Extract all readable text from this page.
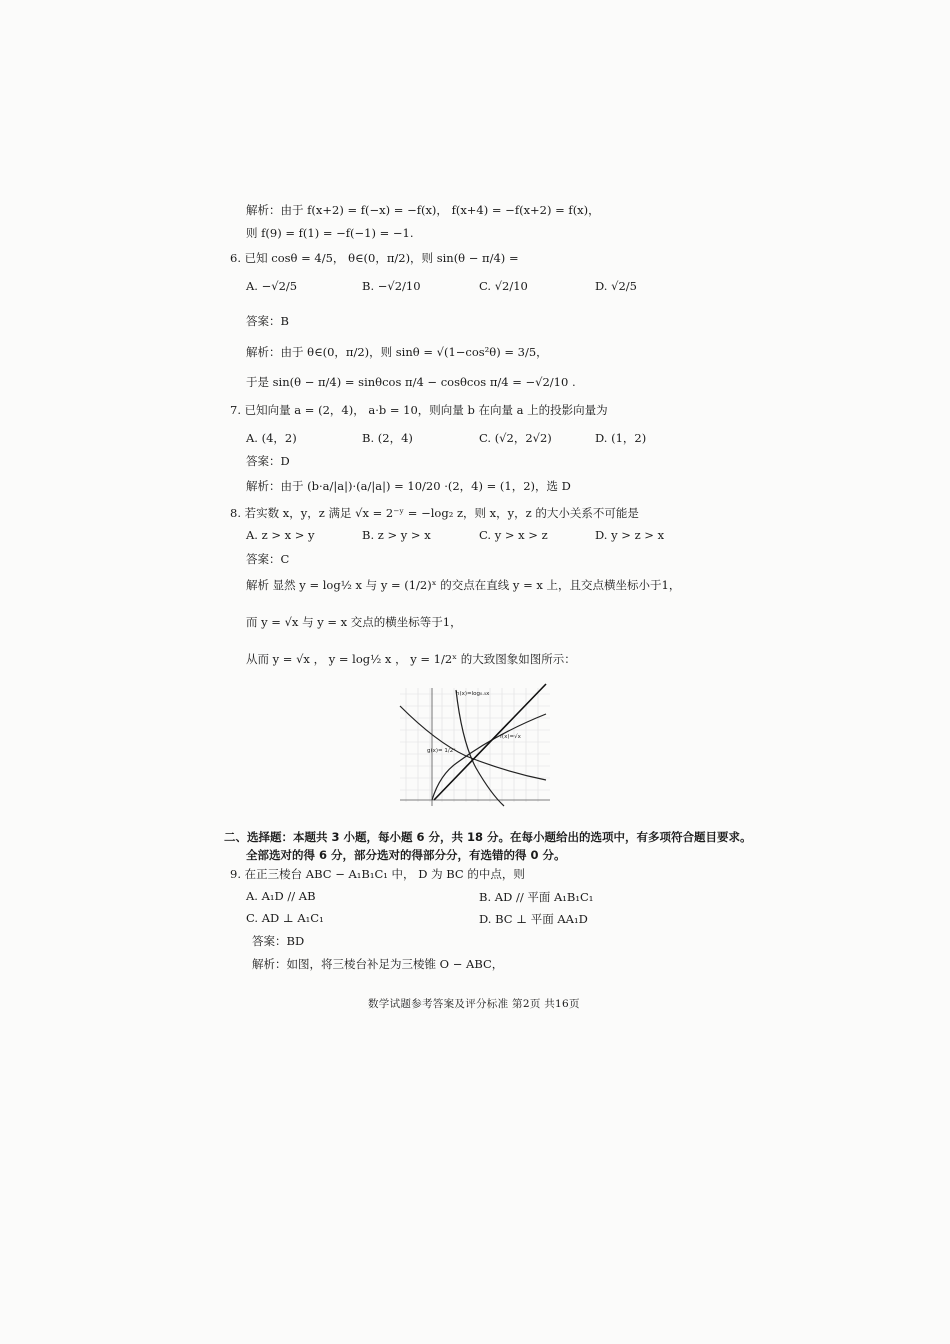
解析：由于 f(x+2) = f(−x) = −f(x)， f(x+4) = −f(x+2) = f(x)，
则 f(9) = f(1) = −f(−1) = −1.
6. 已知 cosθ = 4/5， θ∈(0，π/2)，则 sin(θ − π/4) =
A. −√2/5	B. −√2/10	C. √2/10	D. √2/5
答案：B
解析：由于 θ∈(0，π/2)，则 sinθ = √(1−cos²θ) = 3/5，
于是 sin(θ − π/4) = sinθcos π/4 − cosθcos π/4 = −√2/10 .
7. 已知向量 a = (2，4)， a·b = 10，则向量 b 在向量 a 上的投影向量为
A. (4，2)	B. (2，4)	C. (√2，2√2)	D. (1，2)
答案：D
解析：由于 (b·a/|a|)·(a/|a|) = 10/20 ·(2，4) = (1，2)，选 D
8. 若实数 x，y，z 满足 √x = 2⁻ʸ = −log₂ z，则 x，y，z 的大小关系不可能是
A. z > x > y	B. z > y > x	C. y > x > z	D. y > z > x
答案：C
解析 显然 y = log½ x 与 y = (1/2)ˣ 的交点在直线 y = x 上，且交点横坐标小于1，
而 y = √x 与 y = x 交点的横坐标等于1，
从而 y = √x ， y = log½ x ， y = 1/2ˣ 的大致图象如图所示：
h(x)=log₀.₅x
f(x)=√x
g(x)= 1/2ˣ
二、选择题：本题共 3 小题，每小题 6 分，共 18 分。在每小题给出的选项中，有多项符合题目要求。
全部选对的得 6 分，部分选对的得部分分，有选错的得 0 分。
9. 在正三棱台 ABC − A₁B₁C₁ 中， D 为 BC 的中点，则
A. A₁D // AB	B. AD // 平面 A₁B₁C₁
C. AD ⊥ A₁C₁	D. BC ⊥ 平面 AA₁D
答案：BD
解析：如图，将三棱台补足为三棱锥 O − ABC，
数学试题参考答案及评分标准 第2页 共16页
